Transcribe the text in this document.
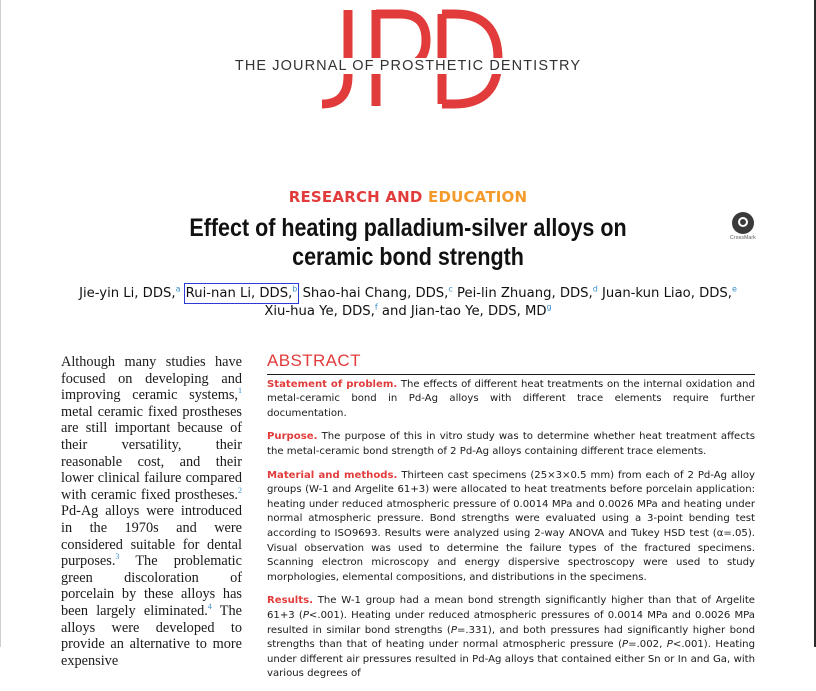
THE JOURNAL OF PROSTHETIC DENTISTRY
RESEARCH AND EDUCATION
CrossMark
Effect of heating palladium-silver alloys on ceramic bond strength
Jie-yin Li, DDS,$^a$ Rui-nan Li, DDS,$^b$ Shao-hai Chang, DDS,$^c$ Pei-lin Zhuang, DDS,$^d$ Juan-kun Liao, DDS,$^e$
Xiu-hua Ye, DDS,$^f$ and Jian-tao Ye, DDS, $MD^g$
Although many studies have focused on developing and improving ceramic systems,$^1$ metal ceramic fixed prostheses are still important because of their versatility, their reasonable cost, and their lower clinical failure compared with ceramic fixed prostheses.$^2$ Pd-Ag alloys were introduced in the 1970s and were considered suitable for dental purposes.$^3$ The problematic green discoloration of porcelain by these alloys has been largely eliminated.$^4$ The alloys were developed to provide an alternative to more expensive
ABSTRACT

Statement of problem. The effects of different heat treatments on the internal oxidation and metal-ceramic bond in Pd-Ag alloys with different trace elements require further documentation.

Purpose. The purpose of this in vitro study was to determine whether heat treatment affects the metal-ceramic bond strength of 2 Pd-Ag alloys containing different trace elements.

Material and methods. Thirteen cast specimens (25×3×0.5 mm) from each of 2 Pd-Ag alloy groups (W-1 and Argelite 61+3) were allocated to heat treatments before porcelain application: heating under reduced atmospheric pressure of 0.0014 MPa and 0.0026 MPa and heating under normal atmospheric pressure. Bond strengths were evaluated using a 3-point bending test according to ISO9693. Results were analyzed using 2-way ANOVA and Tukey HSD test (α=.05). Visual observation was used to determine the failure types of the fractured specimens. Scanning electron microscopy and energy dispersive spectroscopy were used to study morphologies, elemental compositions, and distributions in the specimens.

Results. The W-1 group had a mean bond strength significantly higher than that of Argelite 61+3 (P<.001). Heating under reduced atmospheric pressures of 0.0014 MPa and 0.0026 MPa resulted in similar bond strengths (P=.331), and both pressures had significantly higher bond strengths than that of heating under normal atmospheric pressure (P=.002, P<.001). Heating under different air pressures resulted in Pd-Ag alloys that contained either Sn or In and Ga, with various degrees of
